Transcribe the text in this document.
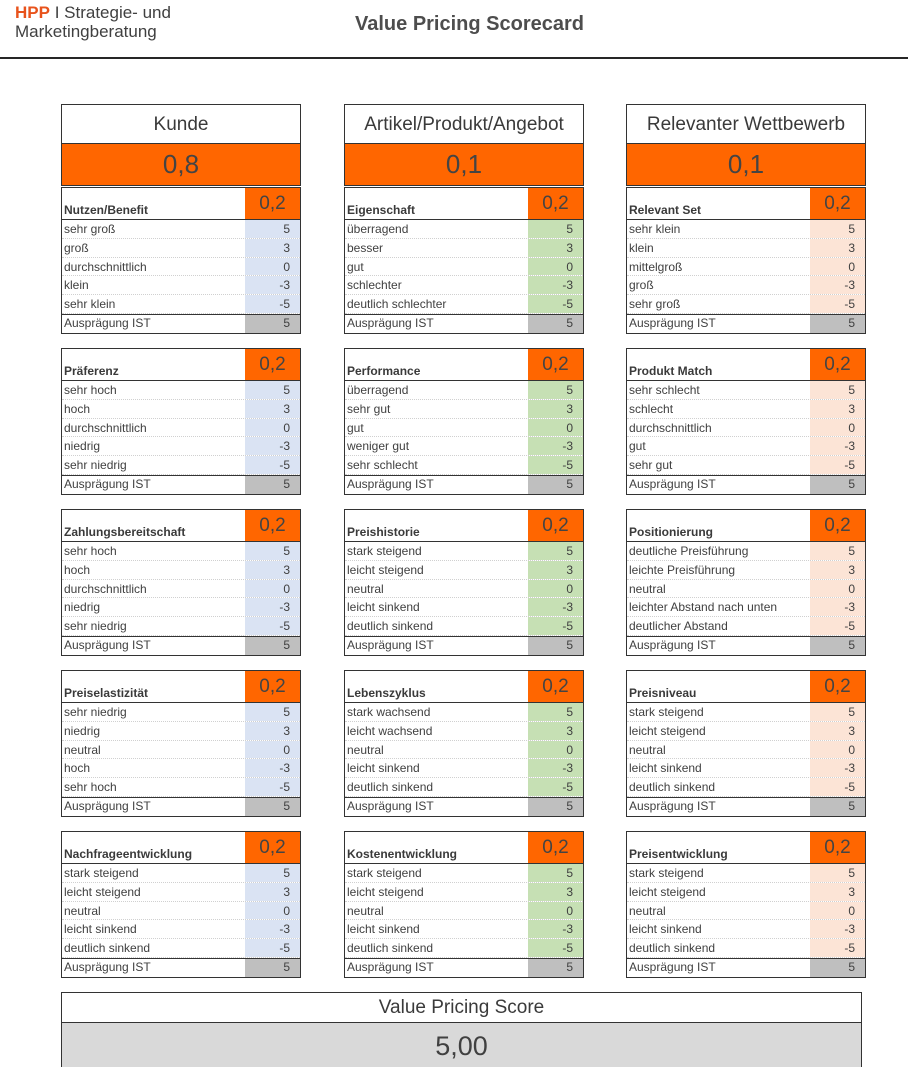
HPP I Strategie- und
Marketingberatung	Value Pricing Scorecard
Kunde
0,8
Nutzen/Benefit	0,2
sehr groß	5
groß	3
durchschnittlich	0
klein	-3
sehr klein	-5
Ausprägung IST	5
Präferenz	0,2
sehr hoch	5
hoch	3
durchschnittlich	0
niedrig	-3
sehr niedrig	-5
Ausprägung IST	5
Zahlungsbereitschaft	0,2
sehr hoch	5
hoch	3
durchschnittlich	0
niedrig	-3
sehr niedrig	-5
Ausprägung IST	5
Preiselastizität	0,2
sehr niedrig	5
niedrig	3
neutral	0
hoch	-3
sehr hoch	-5
Ausprägung IST	5
Nachfrageentwicklung	0,2
stark steigend	5
leicht steigend	3
neutral	0
leicht sinkend	-3
deutlich sinkend	-5
Ausprägung IST	5
Artikel/Produkt/Angebot
0,1
Eigenschaft	0,2
überragend	5
besser	3
gut	0
schlechter	-3
deutlich schlechter	-5
Ausprägung IST	5
Performance	0,2
überragend	5
sehr gut	3
gut	0
weniger gut	-3
sehr schlecht	-5
Ausprägung IST	5
Preishistorie	0,2
stark steigend	5
leicht steigend	3
neutral	0
leicht sinkend	-3
deutlich sinkend	-5
Ausprägung IST	5
Lebenszyklus	0,2
stark wachsend	5
leicht wachsend	3
neutral	0
leicht sinkend	-3
deutlich sinkend	-5
Ausprägung IST	5
Kostenentwicklung	0,2
stark steigend	5
leicht steigend	3
neutral	0
leicht sinkend	-3
deutlich sinkend	-5
Ausprägung IST	5
Relevanter Wettbewerb
0,1
Relevant Set	0,2
sehr klein	5
klein	3
mittelgroß	0
groß	-3
sehr groß	-5
Ausprägung IST	5
Produkt Match	0,2
sehr schlecht	5
schlecht	3
durchschnittlich	0
gut	-3
sehr gut	-5
Ausprägung IST	5
Positionierung	0,2
deutliche Preisführung	5
leichte Preisführung	3
neutral	0
leichter Abstand nach unten	-3
deutlicher Abstand	-5
Ausprägung IST	5
Preisniveau	0,2
stark steigend	5
leicht steigend	3
neutral	0
leicht sinkend	-3
deutlich sinkend	-5
Ausprägung IST	5
Preisentwicklung	0,2
stark steigend	5
leicht steigend	3
neutral	0
leicht sinkend	-3
deutlich sinkend	-5
Ausprägung IST	5
Value Pricing Score
5,00
